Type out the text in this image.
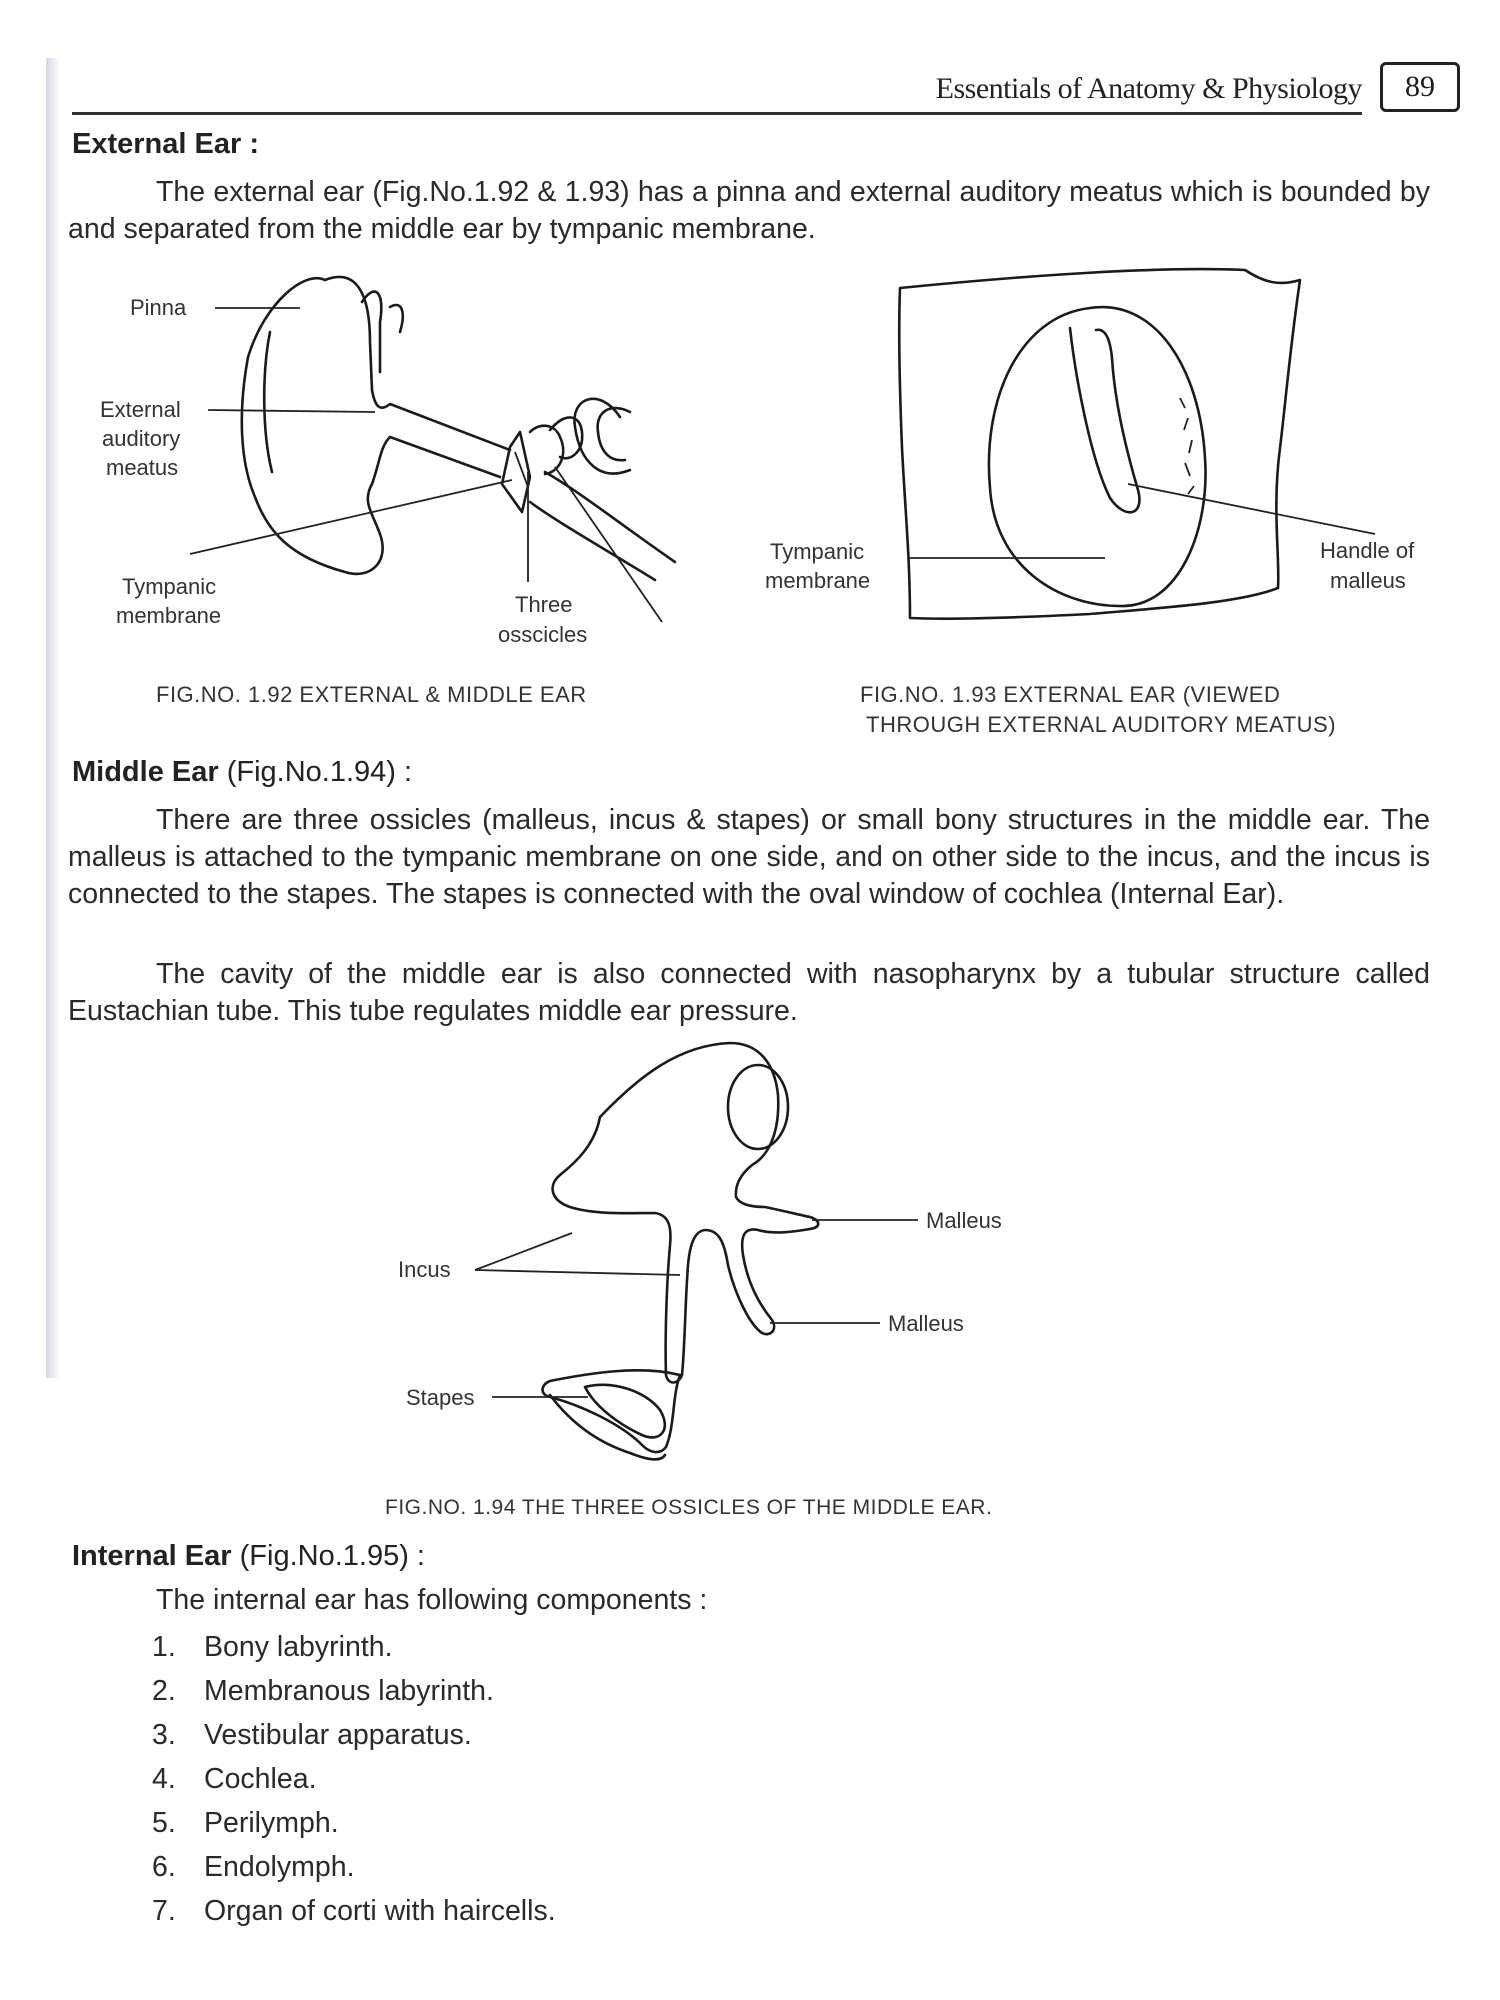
Essentials of Anatomy & Physiology	89
External Ear :

The external ear (Fig.No.1.92 & 1.93) has a pinna and external auditory meatus which is bounded by and separated from the middle ear by tympanic membrane.

Pinna
External
auditory
meatus
Tympanic
membrane	Three
osscicles
FIG.NO. 1.92 EXTERNAL & MIDDLE EAR
Tympanic
membrane
Handle of
malleus
FIG.NO. 1.93 EXTERNAL EAR (VIEWED
THROUGH EXTERNAL AUDITORY MEATUS)
Middle Ear (Fig.No.1.94) :

There are three ossicles (malleus, incus & stapes) or small bony structures in the middle ear. The malleus is attached to the tympanic membrane on one side, and on other side to the incus, and the incus is connected to the stapes. The stapes is connected with the oval window of cochlea (Internal Ear).

The cavity of the middle ear is also connected with nasopharynx by a tubular structure called Eustachian tube. This tube regulates middle ear pressure.

Malleus
Malleus
Incus
Stapes
FIG.NO. 1.94 THE THREE OSSICLES OF THE MIDDLE EAR.
Internal Ear (Fig.No.1.95) :
The internal ear has following components :
1. Bony labyrinth.
2. Membranous labyrinth.
3. Vestibular apparatus.
4. Cochlea.
5. Perilymph.
6. Endolymph.
7. Organ of corti with haircells.
